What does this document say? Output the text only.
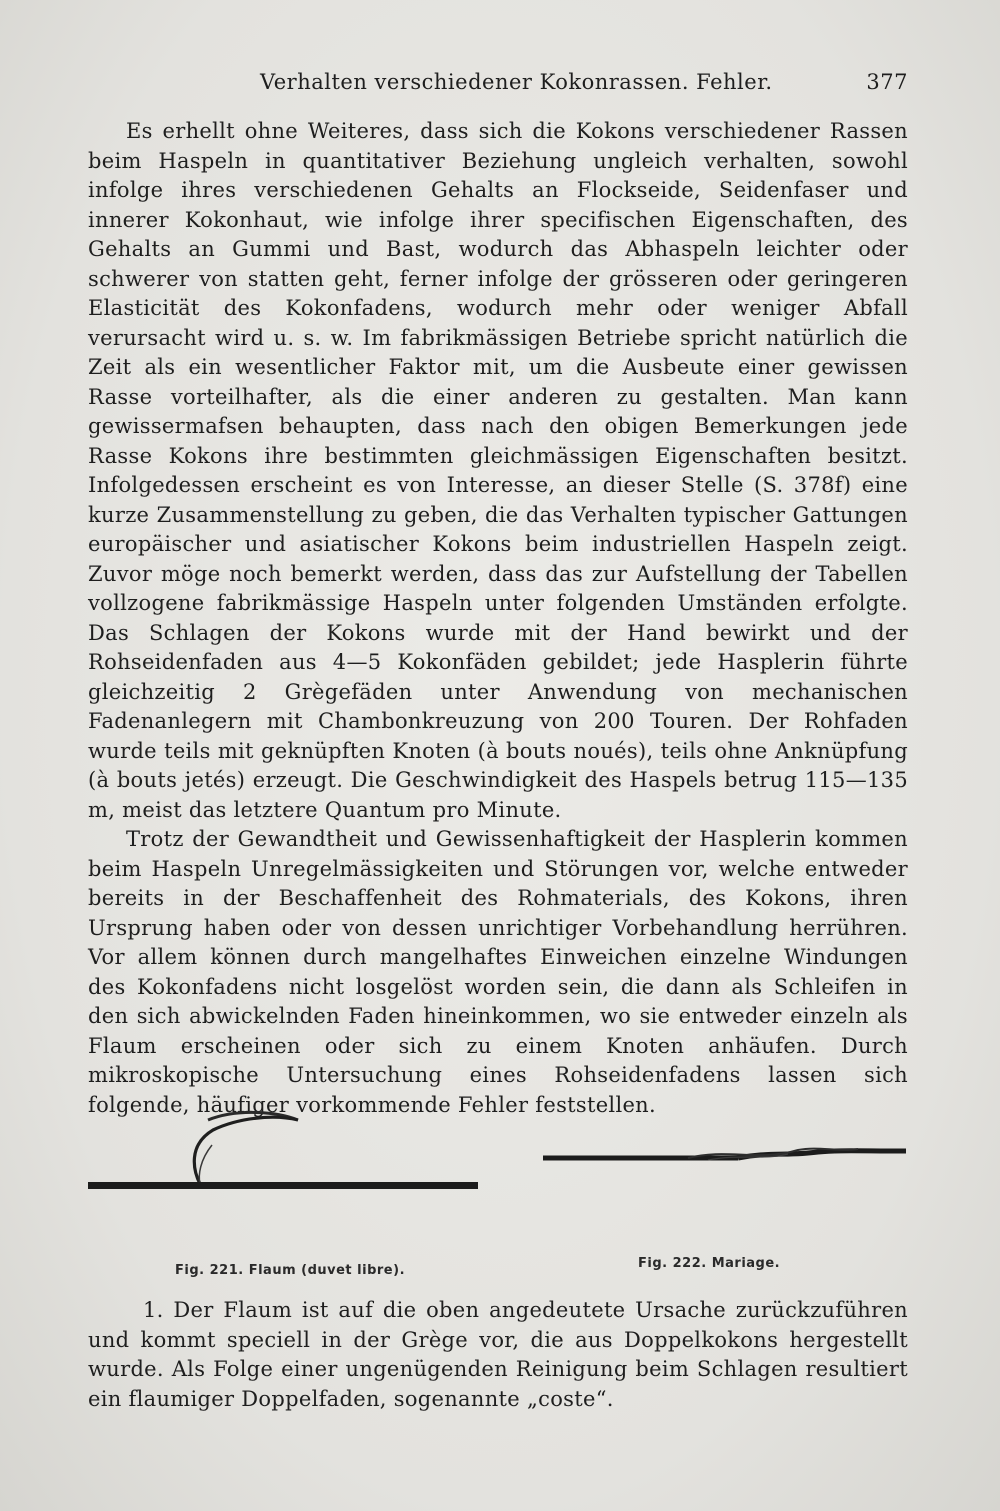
Verhalten verschiedener Kokonrassen. Fehler.	377

Es erhellt ohne Weiteres, dass sich die Kokons verschiedener Rassen beim Haspeln in quantitativer Beziehung ungleich verhalten, sowohl infolge ihres verschiedenen Gehalts an Flockseide, Seidenfaser und innerer Kokonhaut, wie infolge ihrer specifischen Eigenschaften, des Gehalts an Gummi und Bast, wodurch das Abhaspeln leichter oder schwerer von statten geht, ferner infolge der grösseren oder geringeren Elasticität des Kokonfadens, wodurch mehr oder weniger Abfall verursacht wird u. s. w. Im fabrikmässigen Betriebe spricht natürlich die Zeit als ein wesentlicher Faktor mit, um die Ausbeute einer gewissen Rasse vorteilhafter, als die einer anderen zu gestalten. Man kann gewissermafsen behaupten, dass nach den obigen Bemerkungen jede Rasse Kokons ihre bestimmten gleichmässigen Eigenschaften besitzt. Infolgedessen erscheint es von Interesse, an dieser Stelle (S. 378f) eine kurze Zusammenstellung zu geben, die das Verhalten typischer Gattungen europäischer und asiatischer Kokons beim industriellen Haspeln zeigt. Zuvor möge noch bemerkt werden, dass das zur Aufstellung der Tabellen vollzogene fabrikmässige Haspeln unter folgenden Umständen erfolgte. Das Schlagen der Kokons wurde mit der Hand bewirkt und der Rohseidenfaden aus 4—5 Kokonfäden gebildet; jede Hasplerin führte gleichzeitig 2 Grègefäden unter Anwendung von mechanischen Fadenanlegern mit Chambonkreuzung von 200 Touren. Der Rohfaden wurde teils mit geknüpften Knoten (à bouts noués), teils ohne Anknüpfung (à bouts jetés) erzeugt. Die Geschwindigkeit des Haspels betrug 115—135 m, meist das letztere Quantum pro Minute.

Trotz der Gewandtheit und Gewissenhaftigkeit der Hasplerin kommen beim Haspeln Unregelmässigkeiten und Störungen vor, welche entweder bereits in der Beschaffenheit des Rohmaterials, des Kokons, ihren Ursprung haben oder von dessen unrichtiger Vorbehandlung herrühren. Vor allem können durch mangelhaftes Einweichen einzelne Windungen des Kokonfadens nicht losgelöst worden sein, die dann als Schleifen in den sich abwickelnden Faden hineinkommen, wo sie entweder einzeln als Flaum erscheinen oder sich zu einem Knoten anhäufen. Durch mikroskopische Untersuchung eines Rohseidenfadens lassen sich folgende, häufiger vorkommende Fehler feststellen.

Fig. 221. Flaum (duvet libre).	Fig. 222. Mariage.

1. Der Flaum ist auf die oben angedeutete Ursache zurückzuführen und kommt speciell in der Grège vor, die aus Doppelkokons hergestellt wurde. Als Folge einer ungenügenden Reinigung beim Schlagen resultiert ein flaumiger Doppelfaden, sogenannte „coste“.
